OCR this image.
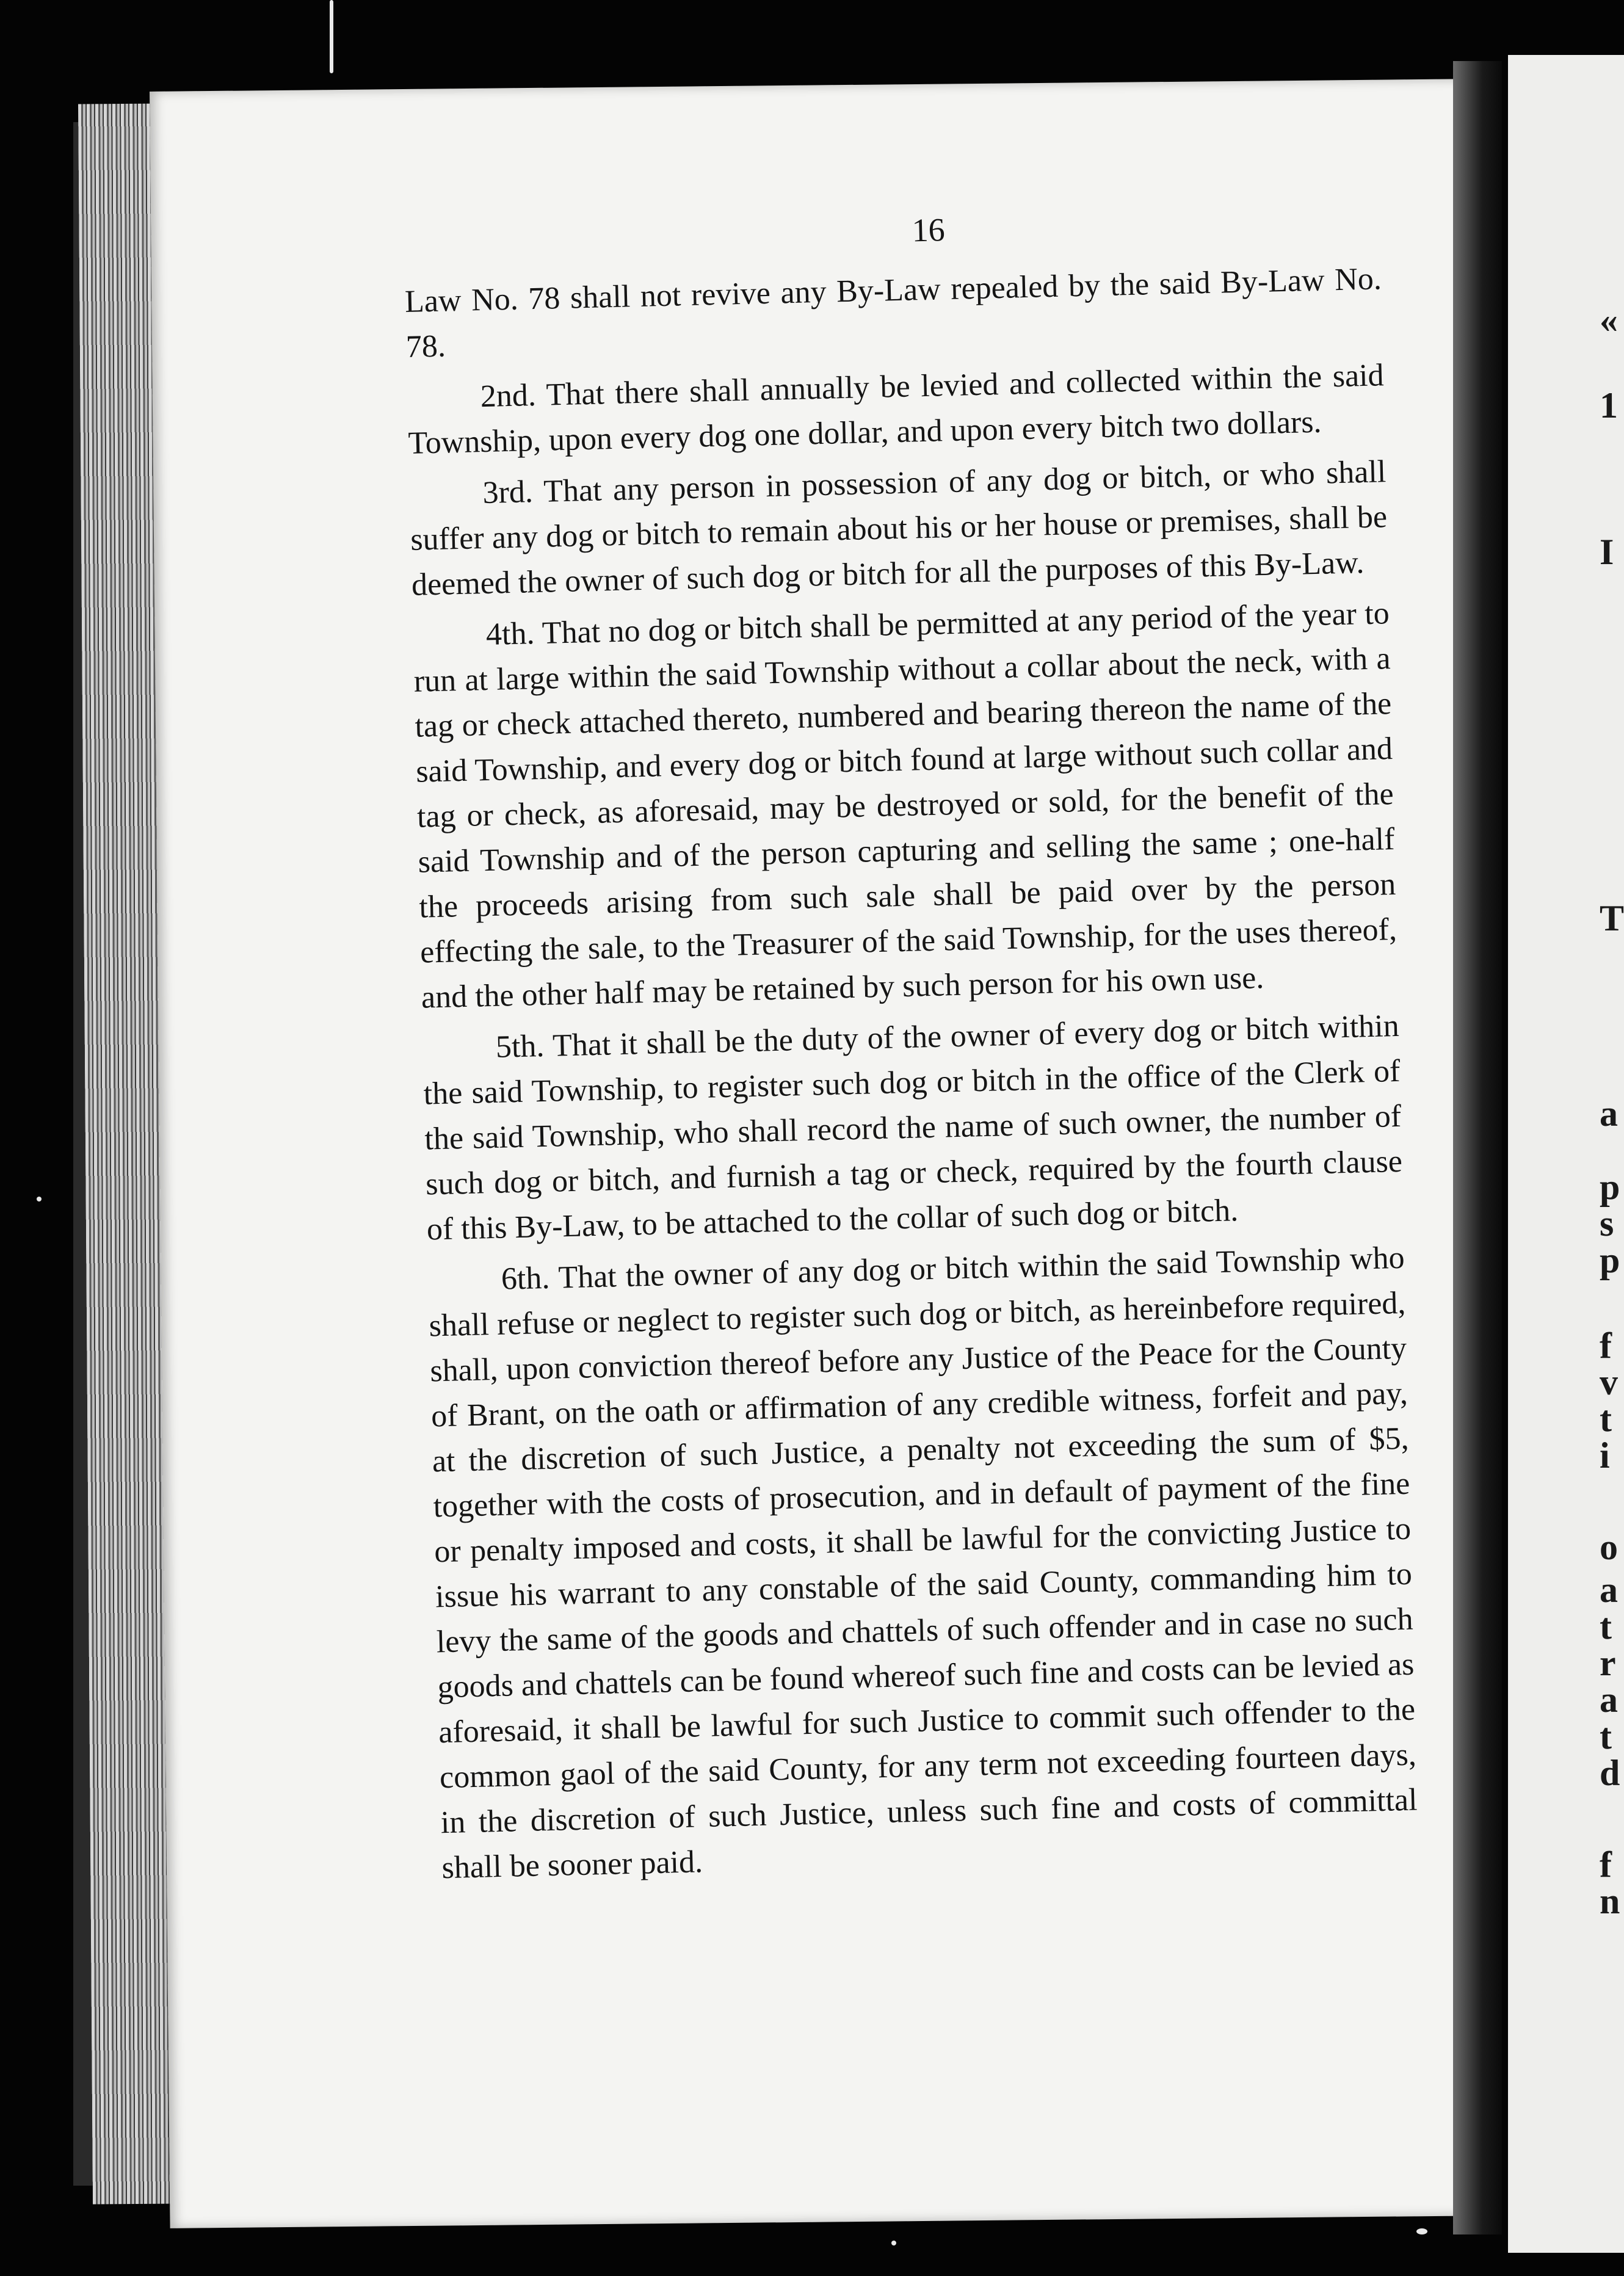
«
1
I
T
a
p
s
p
f
v
t
i
o
a
t
r
a
t
d
f
n
16

Law No. 78 shall not revive any By-Law repealed by the said By-Law No. 78.

2nd. That there shall annually be levied and collected within the said Township, upon every dog one dollar, and upon every bitch two dollars.

3rd. That any person in possession of any dog or bitch, or who shall suffer any dog or bitch to remain about his or her house or premises, shall be deemed the owner of such dog or bitch for all the purposes of this By-Law.

4th. That no dog or bitch shall be permitted at any period of the year to run at large within the said Township without a collar about the neck, with a tag or check attached thereto, numbered and bearing thereon the name of the said Township, and every dog or bitch found at large without such collar and tag or check, as aforesaid, may be destroyed or sold, for the benefit of the said Township and of the person capturing and selling the same ; one-half the proceeds arising from such sale shall be paid over by the person effecting the sale, to the Treasurer of the said Township, for the uses thereof, and the other half may be retained by such person for his own use.

5th. That it shall be the duty of the owner of every dog or bitch within the said Township, to register such dog or bitch in the office of the Clerk of the said Township, who shall record the name of such owner, the number of such dog or bitch, and furnish a tag or check, required by the fourth clause of this By-Law, to be attached to the collar of such dog or bitch.

6th. That the owner of any dog or bitch within the said Township who shall refuse or neglect to register such dog or bitch, as hereinbefore required, shall, upon conviction thereof before any Justice of the Peace for the County of Brant, on the oath or affirmation of any credible witness, forfeit and pay, at the discretion of such Justice, a penalty not exceeding the sum of $5, together with the costs of prosecution, and in default of payment of the fine or penalty imposed and costs, it shall be lawful for the convicting Justice to issue his warrant to any constable of the said County, commanding him to levy the same of the goods and chattels of such offender and in case no such goods and chattels can be found whereof such fine and costs can be levied as aforesaid, it shall be lawful for such Justice to commit such offender to the common gaol of the said County, for any term not exceeding fourteen days, in the discretion of such Justice, unless such fine and costs of committal shall be sooner paid.
